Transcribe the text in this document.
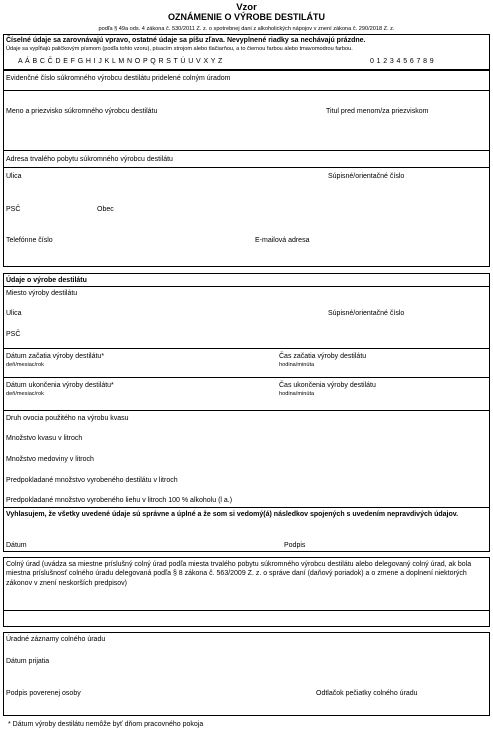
Vzor
OZNÁMENIE O VÝROBE DESTILÁTU
podľa § 49a ods. 4 zákona č. 530/2011 Z. z. o spotrebnej dani z alkoholických nápojov v znení zákona č. 290/2018 Z. z.
Číselné údaje sa zarovnávajú vpravo, ostatné údaje sa píšu zľava. Nevyplnené riadky sa nechávajú prázdne.
Údaje sa vypĺňajú paličkovým písmom (podľa tohto vzoru), písacím strojom alebo tlačiarňou, a to čiernou farbou alebo tmavomodrou farbou.
A Á B C Č D E F G H I J K L M N O P Q R S T Ú U V X Y Z	0 1 2 3 4 5 6 7 8 9
Evidenčné číslo súkromného výrobcu destilátu pridelené colným úradom
Meno a priezvisko súkromného výrobcu destilátu	Titul pred menom/za priezviskom
Adresa trvalého pobytu súkromného výrobcu destilátu
Ulica	Súpisné/orientačné číslo
PSČ	Obec
Telefónne číslo	E-mailová adresa
Údaje o výrobe destilátu
Miesto výroby destilátu
Ulica	Súpisné/orientačné číslo
PSČ
Dátum začatia výroby destilátu*
deň/mesiac/rok
Čas začatia výroby destilátu
hodina/minúta
Dátum ukončenia výroby destilátu*
deň/mesiac/rok
Čas ukončenia výroby destilátu
hodina/minúta
Druh ovocia použitého na výrobu kvasu
Množstvo kvasu v litroch
Množstvo medoviny v litroch
Predpokladané množstvo vyrobeného destilátu v litroch
Predpokladané množstvo vyrobeného liehu v litroch 100 % alkoholu (l a.)
Vyhlasujem, že všetky uvedené údaje sú správne a úplné a že som si vedomý(á) následkov spojených s uvedením nepravdivých údajov.
Dátum	Podpis
Colný úrad (uvádza sa miestne príslušný colný úrad podľa miesta trvalého pobytu súkromného výrobcu destilátu alebo delegovaný colný úrad, ak bola miestna príslušnosť colného úradu delegovaná podľa § 8 zákona č. 563/2009 Z. z. o správe daní (daňový poriadok) a o zmene a doplnení niektorých zákonov v znení neskorších predpisov)
Úradné záznamy colného úradu
Dátum prijatia
Podpis poverenej osoby	Odtlačok pečiatky colného úradu
* Dátum výroby destilátu nemôže byť dňom pracovného pokoja
